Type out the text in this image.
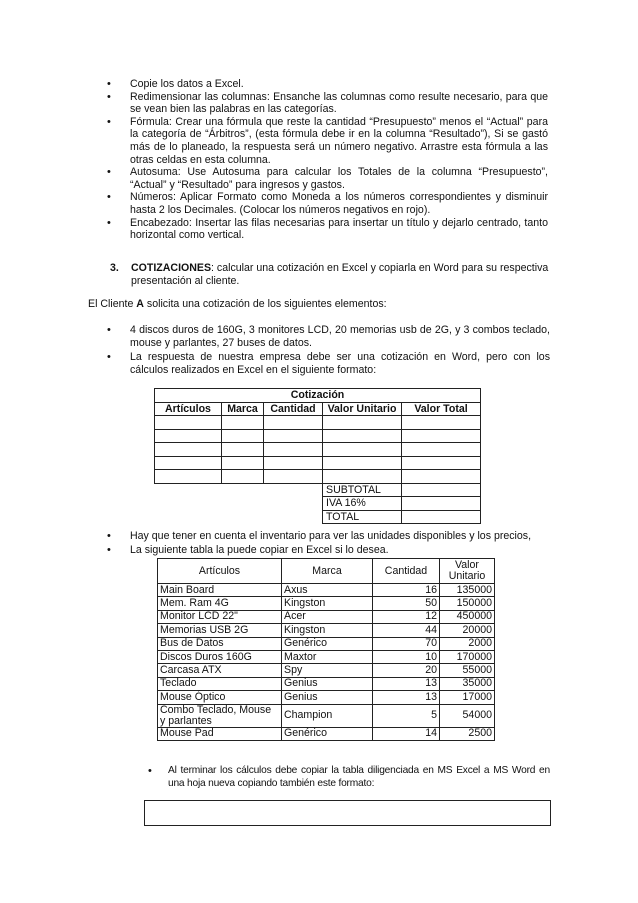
• Copie los datos a Excel.
• Redimensionar las columnas: Ensanche las columnas como resulte necesario, para que se vean bien las palabras en las categorías.
• Fórmula: Crear una fórmula que reste la cantidad “Presupuesto” menos el “Actual” para la categoría de “Árbitros”, (esta fórmula debe ir en la columna “Resultado”), Si se gastó más de lo planeado, la respuesta será un número negativo. Arrastre esta fórmula a las otras celdas en esta columna.
• Autosuma: Use Autosuma para calcular los Totales de la columna “Presupuesto”, “Actual” y “Resultado” para ingresos y gastos.
• Números: Aplicar Formato como Moneda a los números correspondientes y disminuir hasta 2 los Decimales. (Colocar los números negativos en rojo).
• Encabezado: Insertar las filas necesarias para insertar un título y dejarlo centrado, tanto horizontal como vertical.
3. COTIZACIONES: calcular una cotización en Excel y copiarla en Word para su respectiva presentación al cliente.
El Cliente A solicita una cotización de los siguientes elementos:
• 4 discos duros de 160G, 3 monitores LCD, 20 memorias usb de 2G, y 3 combos teclado, mouse y parlantes, 27 buses de datos.
• La respuesta de nuestra empresa debe ser una cotización en Word, pero con los cálculos realizados en Excel en el siguiente formato:
Cotización				
Artículos	Marca	Cantidad	Valor Unitario	Valor Total

			SUBTOTAL	
			IVA 16%	
			TOTAL	
• Hay que tener en cuenta el inventario para ver las unidades disponibles y los precios,
• La siguiente tabla la puede copiar en Excel si lo desea.
Artículos	Marca	Cantidad	Valor Unitario
Main Board	Axus	16	135000
Mem. Ram 4G	Kingston	50	150000
Monitor LCD 22"	Acer	12	450000
Memorias USB 2G	Kingston	44	20000
Bus de Datos	Genérico	70	2000
Discos Duros 160G	Maxtor	10	170000
Carcasa ATX	Spy	20	55000
Teclado	Genius	13	35000
Mouse Óptico	Genius	13	17000
Combo Teclado, Mouse y parlantes	Champion	5	54000
Mouse Pad	Genérico	14	2500
• Al terminar los cálculos debe copiar la tabla diligenciada en MS Excel a MS Word en una hoja nueva copiando también este formato:
